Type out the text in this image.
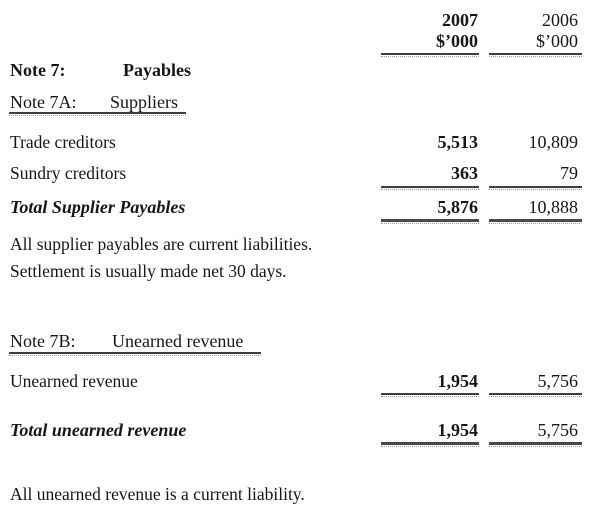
2007	2006
$’000	$’000
Note 7:	Payables
Note 7A: Suppliers
Trade creditors	5,513	10,809
Sundry creditors	363	79
Total Supplier Payables	5,876	10,888
All supplier payables are current liabilities.
Settlement is usually made net 30 days.
Note 7B: Unearned revenue
Unearned revenue	1,954	5,756
Total unearned revenue	1,954	5,756
All unearned revenue is a current liability.
